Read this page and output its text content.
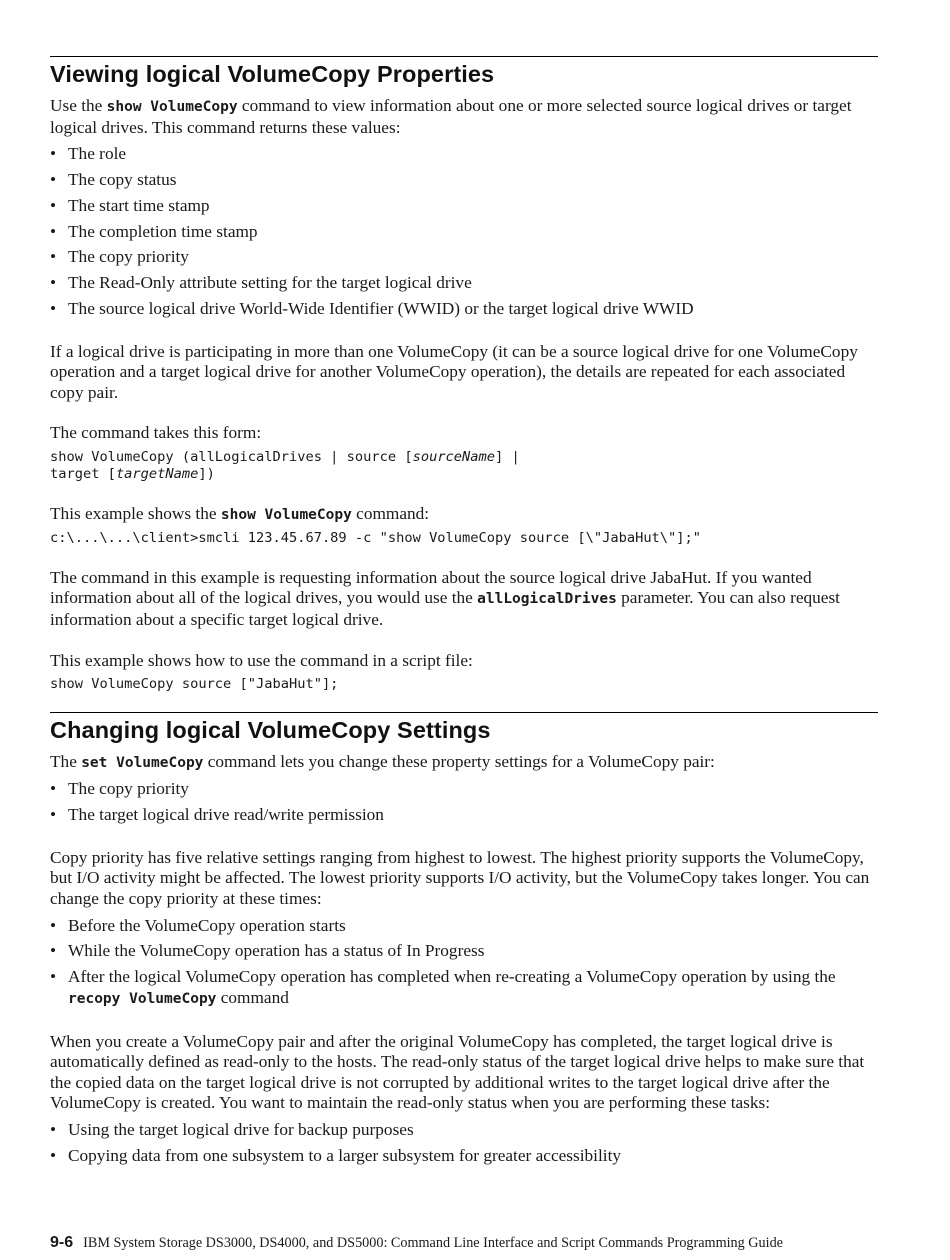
Viewing logical VolumeCopy Properties

Use the show VolumeCopy command to view information about one or more selected source logical drives or target logical drives. This command returns these values:

• The role
• The copy status
• The start time stamp
• The completion time stamp
• The copy priority
• The Read-Only attribute setting for the target logical drive
• The source logical drive World-Wide Identifier (WWID) or the target logical drive WWID

If a logical drive is participating in more than one VolumeCopy (it can be a source logical drive for one VolumeCopy operation and a target logical drive for another VolumeCopy operation), the details are repeated for each associated copy pair.

The command takes this form:

show VolumeCopy (allLogicalDrives | source [sourceName] |
target [targetName])

This example shows the show VolumeCopy command:

c:\...\...\client>smcli 123.45.67.89 -c "show VolumeCopy source [\"JabaHut\"];"

The command in this example is requesting information about the source logical drive JabaHut. If you wanted information about all of the logical drives, you would use the allLogicalDrives parameter. You can also request information about a specific target logical drive.

This example shows how to use the command in a script file:

show VolumeCopy source ["JabaHut"];
Changing logical VolumeCopy Settings

The set VolumeCopy command lets you change these property settings for a VolumeCopy pair:

• The copy priority
• The target logical drive read/write permission

Copy priority has five relative settings ranging from highest to lowest. The highest priority supports the VolumeCopy, but I/O activity might be affected. The lowest priority supports I/O activity, but the VolumeCopy takes longer. You can change the copy priority at these times:

• Before the VolumeCopy operation starts
• While the VolumeCopy operation has a status of In Progress
• After the logical VolumeCopy operation has completed when re-creating a VolumeCopy operation by using the recopy VolumeCopy command

When you create a VolumeCopy pair and after the original VolumeCopy has completed, the target logical drive is automatically defined as read-only to the hosts. The read-only status of the target logical drive helps to make sure that the copied data on the target logical drive is not corrupted by additional writes to the target logical drive after the VolumeCopy is created. You want to maintain the read-only status when you are performing these tasks:

• Using the target logical drive for backup purposes
• Copying data from one subsystem to a larger subsystem for greater accessibility
9-6 IBM System Storage DS3000, DS4000, and DS5000: Command Line Interface and Script Commands Programming Guide
